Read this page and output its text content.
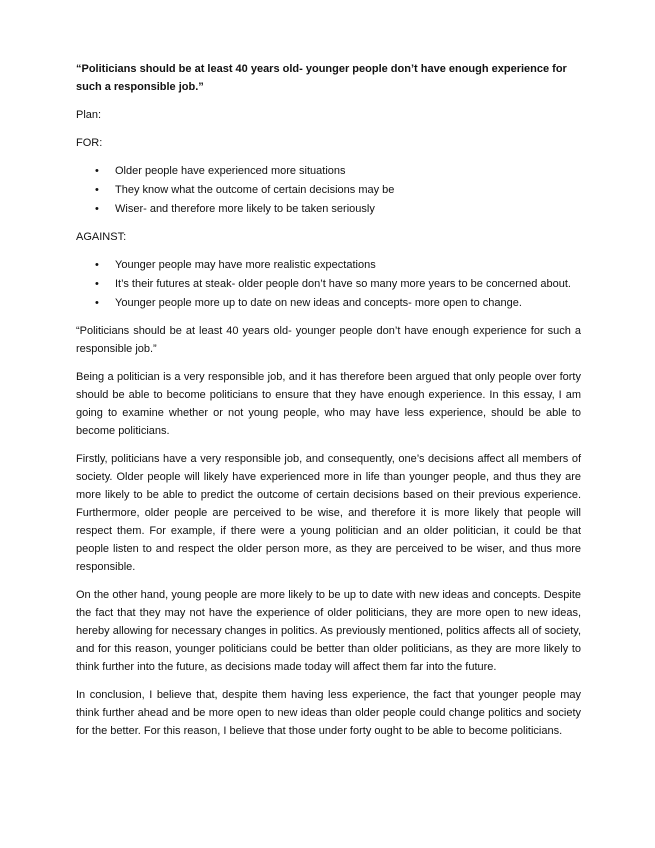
“Politicians should be at least 40 years old- younger people don’t have enough experience for such a responsible job.”

Plan:

FOR:

• Older people have experienced more situations
• They know what the outcome of certain decisions may be
• Wiser- and therefore more likely to be taken seriously

AGAINST:

• Younger people may have more realistic expectations
• It’s their futures at steak- older people don’t have so many more years to be concerned about.
• Younger people more up to date on new ideas and concepts- more open to change.

“Politicians should be at least 40 years old- younger people don’t have enough experience for such a responsible job.”

Being a politician is a very responsible job, and it has therefore been argued that only people over forty should be able to become politicians to ensure that they have enough experience. In this essay, I am going to examine whether or not young people, who may have less experience, should be able to become politicians.

Firstly, politicians have a very responsible job, and consequently, one’s decisions affect all members of society. Older people will likely have experienced more in life than younger people, and thus they are more likely to be able to predict the outcome of certain decisions based on their previous experience. Furthermore, older people are perceived to be wise, and therefore it is more likely that people will respect them. For example, if there were a young politician and an older politician, it could be that people listen to and respect the older person more, as they are perceived to be wiser, and thus more responsible.

On the other hand, young people are more likely to be up to date with new ideas and concepts. Despite the fact that they may not have the experience of older politicians, they are more open to new ideas, hereby allowing for necessary changes in politics. As previously mentioned, politics affects all of society, and for this reason, younger politicians could be better than older politicians, as they are more likely to think further into the future, as decisions made today will affect them far into the future.

In conclusion, I believe that, despite them having less experience, the fact that younger people may think further ahead and be more open to new ideas than older people could change politics and society for the better. For this reason, I believe that those under forty ought to be able to become politicians.
